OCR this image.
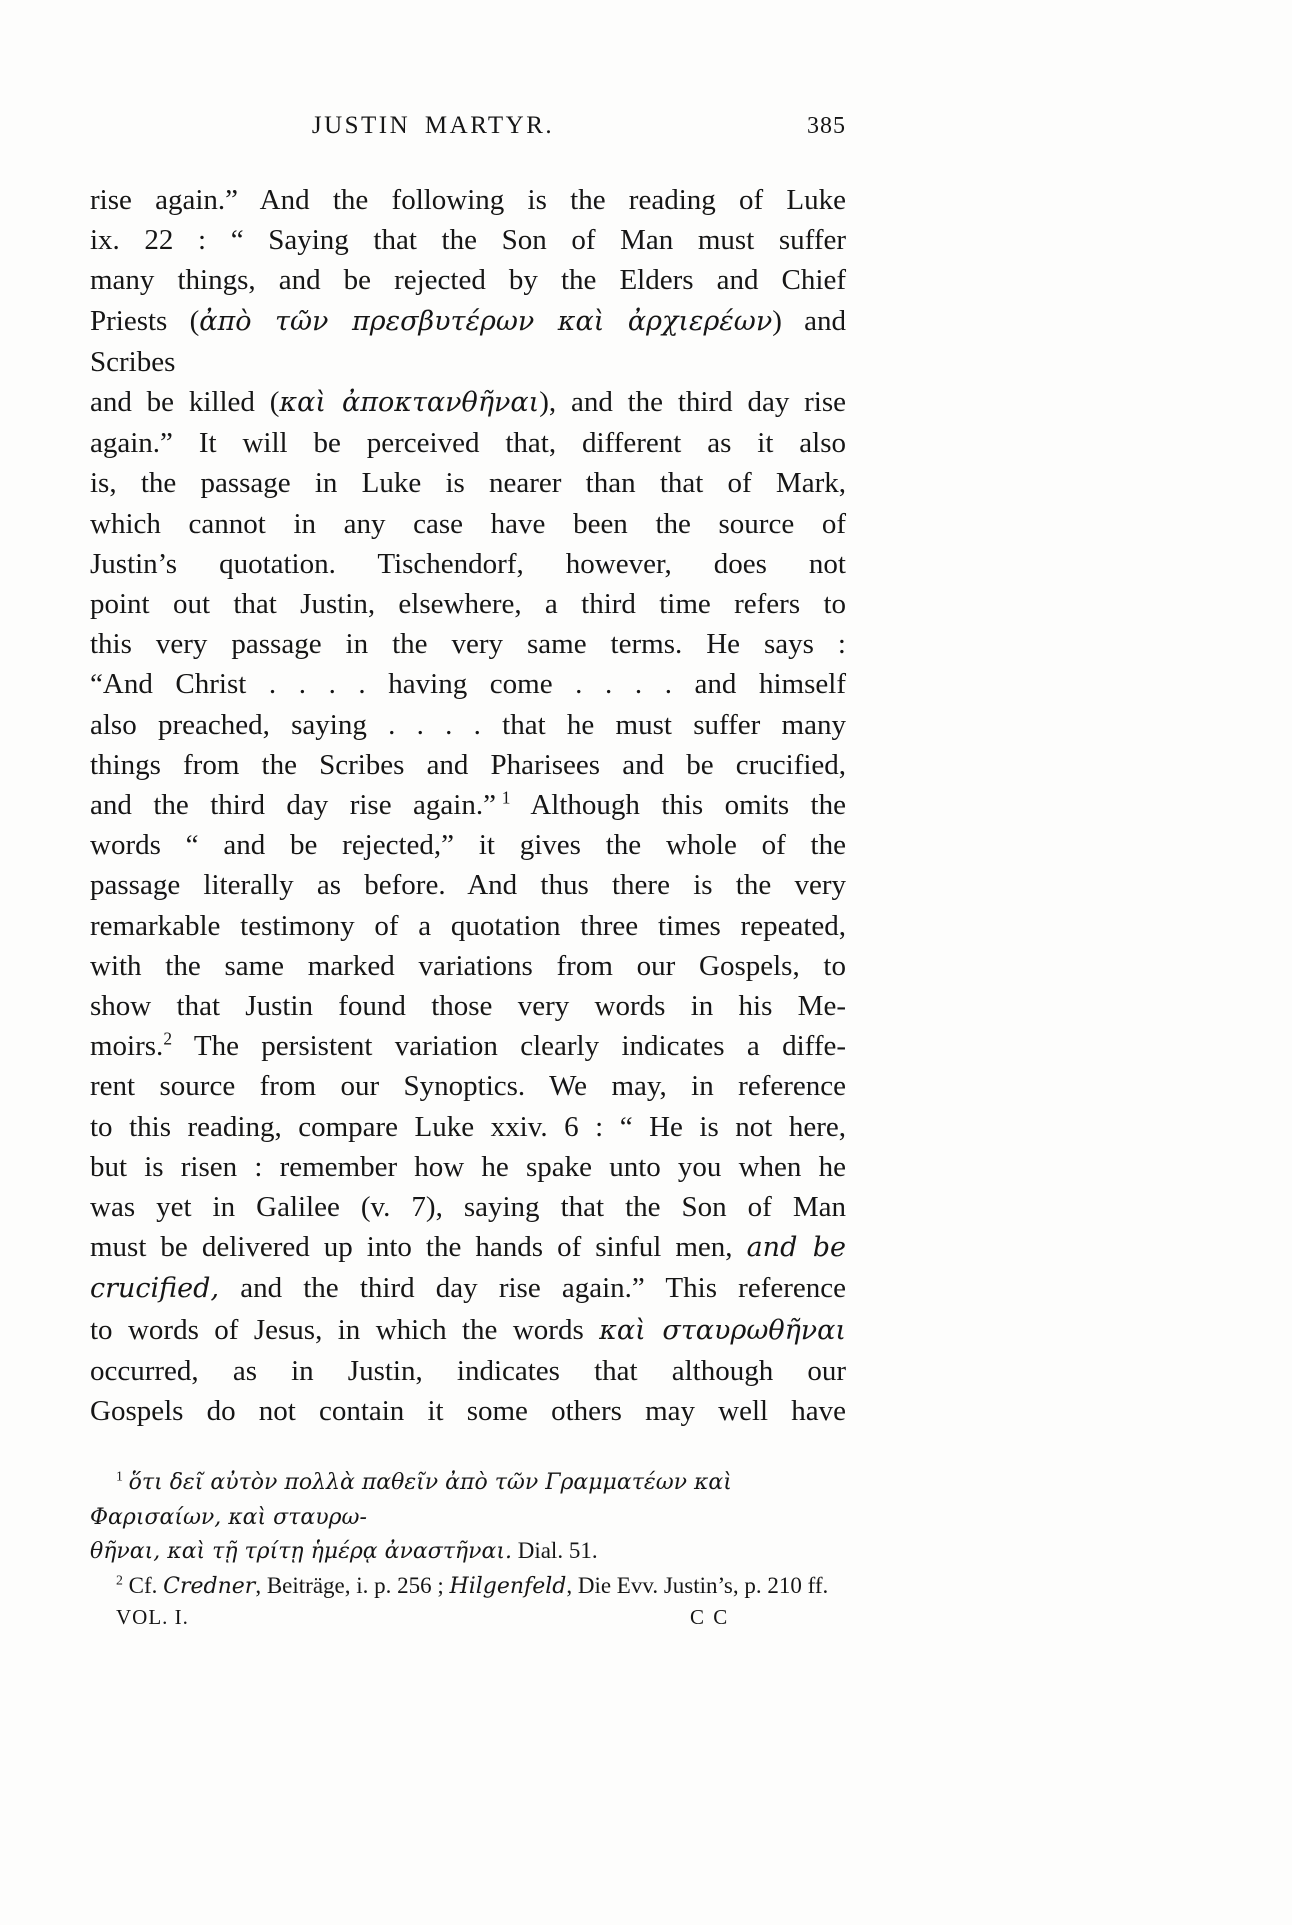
JUSTIN MARTYR.	385
rise again.” And the following is the reading of Luke
ix. 22 : “ Saying that the Son of Man must suffer
many things, and be rejected by the Elders and Chief
Priests (ἀπὸ τῶν πρεσβυτέρων καὶ ἀρχιερέων) and Scribes
and be killed (καὶ ἀποκτανθῆναι), and the third day rise
again.” It will be perceived that, different as it also
is, the passage in Luke is nearer than that of Mark,
which cannot in any case have been the source of
Justin’s quotation. Tischendorf, however, does not
point out that Justin, elsewhere, a third time refers to
this very passage in the very same terms. He says :
“And Christ . . . . having come . . . . and himself
also preached, saying . . . . that he must suffer many
things from the Scribes and Pharisees and be crucified,
and the third day rise again.” $^1$ Although this omits the
words “ and be rejected,” it gives the whole of the
passage literally as before. And thus there is the very
remarkable testimony of a quotation three times repeated,
with the same marked variations from our Gospels, to
show that Justin found those very words in his Me-
moirs.$^2$ The persistent variation clearly indicates a diffe-
rent source from our Synoptics. We may, in reference
to this reading, compare Luke xxiv. 6 : “ He is not here,
but is risen : remember how he spake unto you when he
was yet in Galilee (v. 7), saying that the Son of Man
must be delivered up into the hands of sinful men, and be
crucified, and the third day rise again.” This reference
to words of Jesus, in which the words καὶ σταυρωθῆναι
occurred, as in Justin, indicates that although our
Gospels do not contain it some others may well have
$^1$ ὅτι δεῖ αὐτὸν πολλὰ παθεῖν ἀπὸ τῶν Γραμματέων καὶ Φαρισαίων, καὶ σταυρω-
θῆναι, καὶ τῇ τρίτῃ ἡμέρᾳ ἀναστῆναι. Dial. 51.
$^2$ Cf. Credner, Beiträge, i. p. 256 ; Hilgenfeld, Die Evv. Justin’s, p. 210 ff.
VOL. I.	C C
